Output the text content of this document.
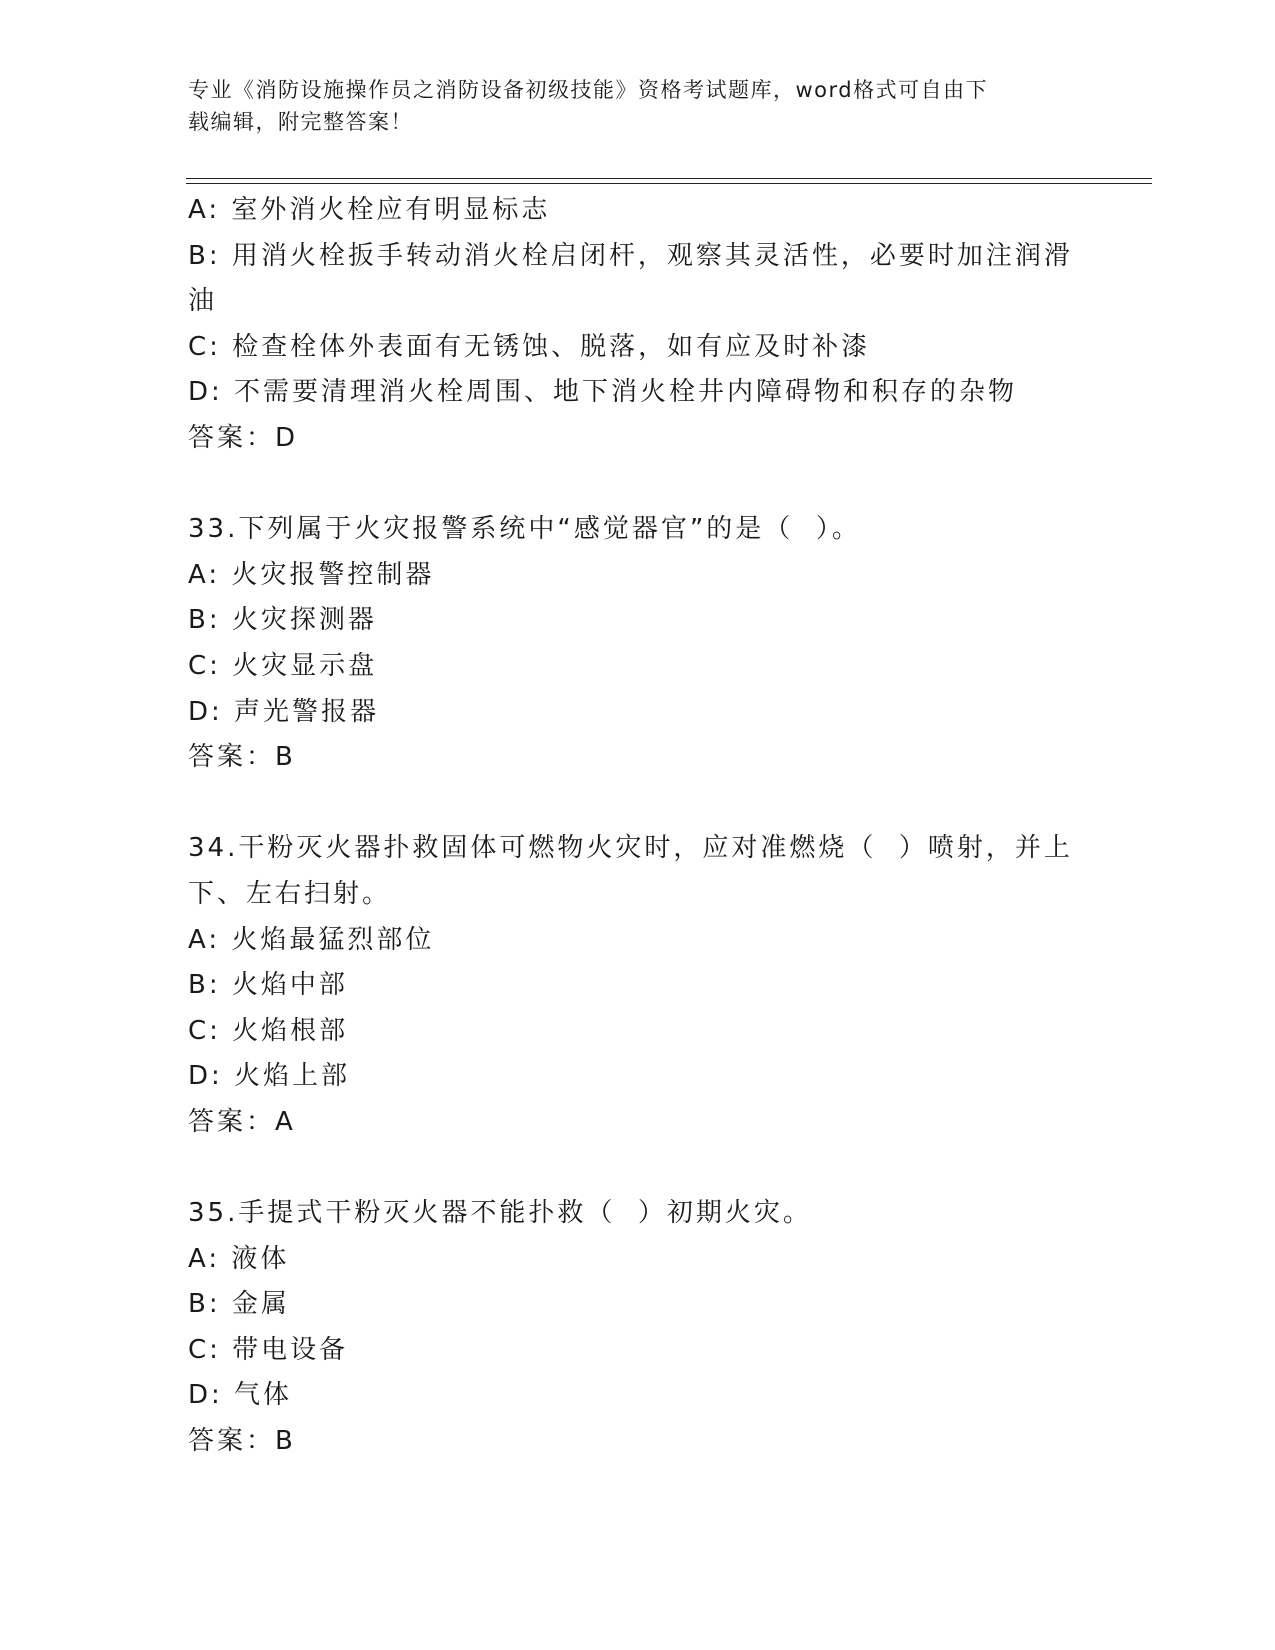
专业《消防设施操作员之消防设备初级技能》资格考试题库，word格式可自由下
载编辑，附完整答案！
A: 室外消火栓应有明显标志
B: 用消火栓扳手转动消火栓启闭杆，观察其灵活性，必要时加注润滑
油
C: 检查栓体外表面有无锈蚀、脱落，如有应及时补漆
D: 不需要清理消火栓周围、地下消火栓井内障碍物和积存的杂物
答案：D
33.下列属于火灾报警系统中“感觉器官”的是（  ）。
A: 火灾报警控制器
B: 火灾探测器
C: 火灾显示盘
D: 声光警报器
答案：B
34.干粉灭火器扑救固体可燃物火灾时，应对准燃烧（  ）喷射，并上
下、左右扫射。
A: 火焰最猛烈部位
B: 火焰中部
C: 火焰根部
D: 火焰上部
答案：A
35.手提式干粉灭火器不能扑救（  ）初期火灾。
A: 液体
B: 金属
C: 带电设备
D: 气体
答案：B
